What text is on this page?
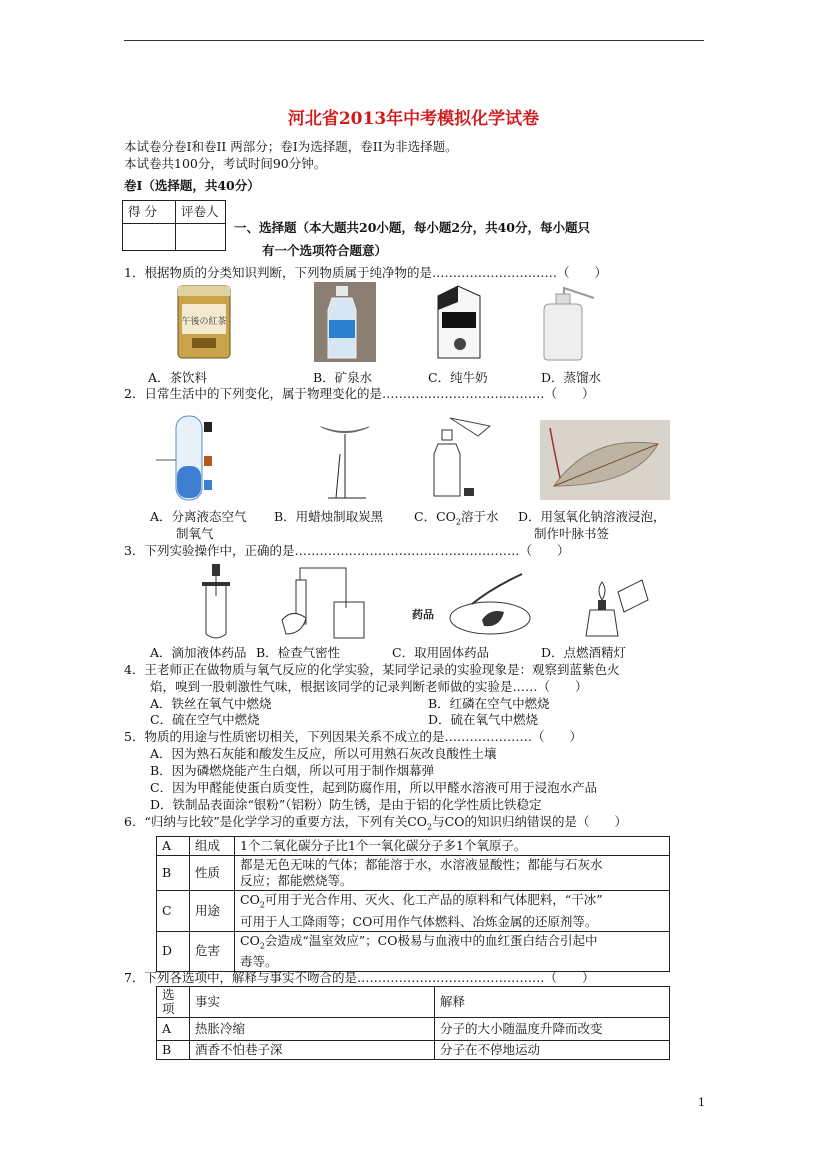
河北省2013年中考模拟化学试卷
本试卷分卷Ⅰ和卷II 两部分；卷Ⅰ为选择题，卷II为非选择题。
本试卷共100分，考试时间90分钟。
卷Ⅰ（选择题，共40分）
得 分	评卷人

一、选择题（本大题共20小题，每小题2分，共40分，每小题只
有一个选项符合题意）
1．根据物质的分类知识判断，下列物质属于纯净物的是…………………………（　　）
午後の紅茶
A．茶饮料	B．矿泉水	C．纯牛奶	D．蒸馏水
2．日常生活中的下列变化，属于物理变化的是…………………………………（　　）
A．分离液态空气
制氧气
B．用蜡烛制取炭黑 C．$CO_2$溶于水 D．用氢氧化钠溶液浸泡，
制作叶脉书签
3．下列实验操作中，正确的是………………………………………………（　　）
药品
A．滴加液体药品 B．检查气密性	C．取用固体药品	D．点燃酒精灯
4．王老师正在做物质与氧气反应的化学实验，某同学记录的实验现象是：观察到蓝紫色火
焰，嗅到一股刺激性气味，根据该同学的记录判断老师做的实验是……（　　）
A．铁丝在氧气中燃烧	B．红磷在空气中燃烧
C．硫在空气中燃烧	D．硫在氧气中燃烧
5．物质的用途与性质密切相关，下列因果关系不成立的是…………………（　　）
A．因为熟石灰能和酸发生反应，所以可用熟石灰改良酸性土壤
B．因为磷燃烧能产生白烟，所以可用于制作烟幕弹
C．因为甲醛能使蛋白质变性，起到防腐作用，所以甲醛水溶液可用于浸泡水产品
D．铁制品表面涂“银粉”（铝粉）防生锈，是由于铝的化学性质比铁稳定
6．“归纳与比较”是化学学习的重要方法，下列有关$CO_2$与CO的知识归纳错误的是（　　）
A	组成	1个二氧化碳分子比1个一氧化碳分子多1个氧原子。
B	性质	都是无色无味的气体；都能溶于水，水溶液显酸性；都能与石灰水
反应；都能燃烧等。

C	用途	$CO_2$可用于光合作用、灭火、化工产品的原料和气体肥料，“干冰”
可用于人工降雨等；CO可用作气体燃料、冶炼金属的还原剂等。

D	危害	$CO_2$会造成“温室效应”；CO极易与血液中的血红蛋白结合引起中
毒等。
7．下列各选项中，解释与事实不吻合的是………………………………………（　　）
选
项	事实	解释
A	热胀冷缩	分子的大小随温度升降而改变
B	酒香不怕巷子深	分子在不停地运动
1
